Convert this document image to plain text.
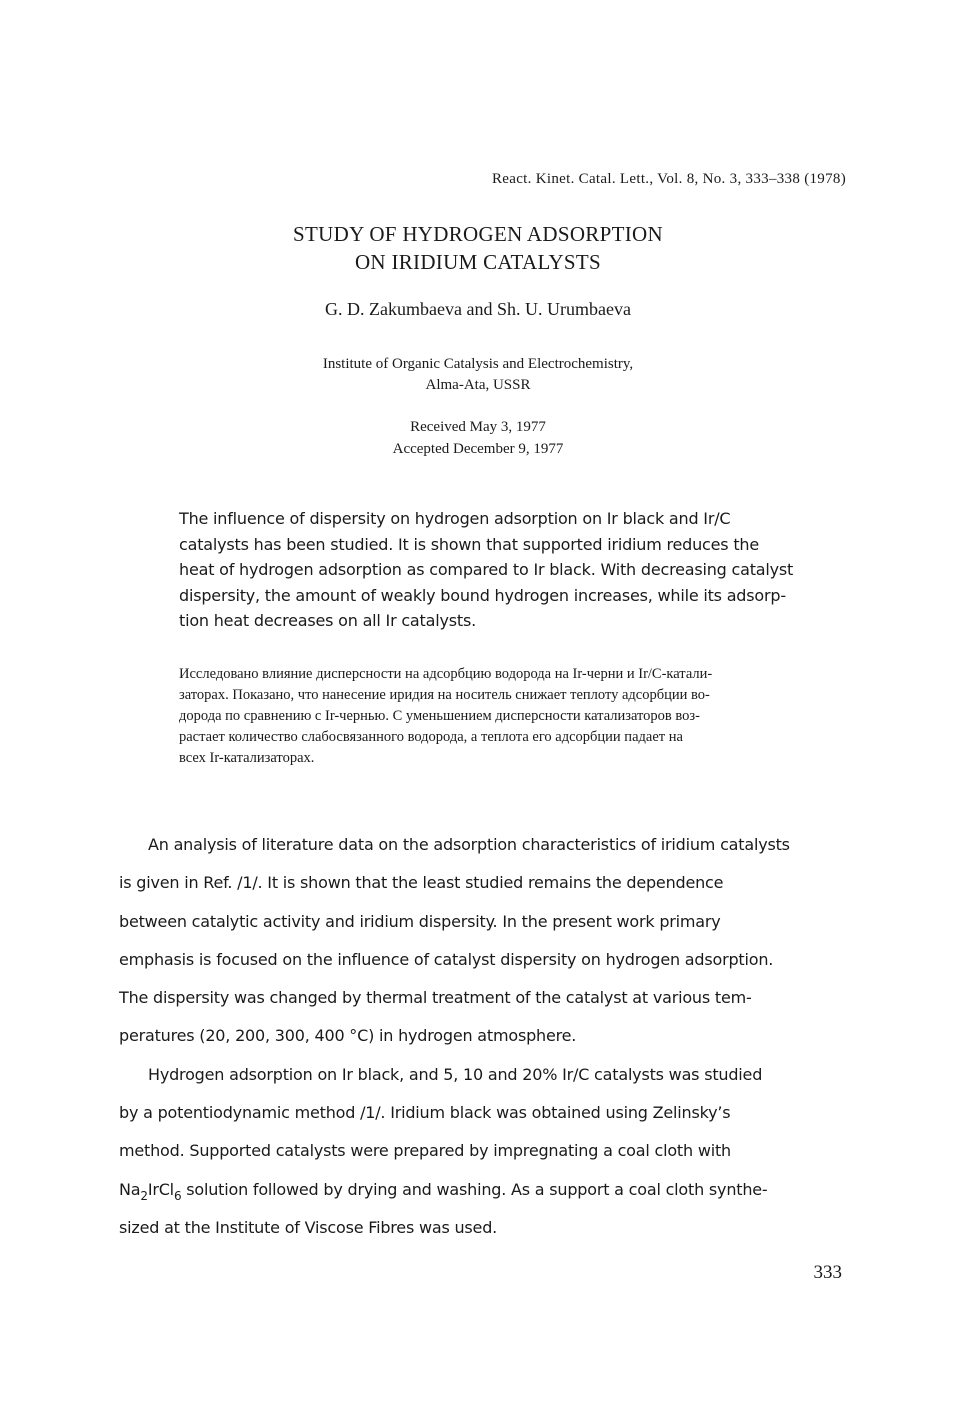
React. Kinet. Catal. Lett., Vol. 8, No. 3, 333–338 (1978)
STUDY OF HYDROGEN ADSORPTION
ON IRIDIUM CATALYSTS
G. D. Zakumbaeva and Sh. U. Urumbaeva
Institute of Organic Catalysis and Electrochemistry,
Alma-Ata, USSR
Received May 3, 1977
Accepted December 9, 1977
The influence of dispersity on hydrogen adsorption on Ir black and Ir/C
catalysts has been studied. It is shown that supported iridium reduces the
heat of hydrogen adsorption as compared to Ir black. With decreasing catalyst
dispersity, the amount of weakly bound hydrogen increases, while its adsorp-
tion heat decreases on all Ir catalysts.
Исследовано влияние дисперсности на адсорбцию водорода на Ir-черни и Ir/C-катали-
заторах. Показано, что нанесение иридия на носитель снижает теплоту адсорбции во-
дорода по сравнению с Ir-чернью. С уменьшением дисперсности катализаторов воз-
растает количество слабосвязанного водорода, а теплота его адсорбции падает на
всех Ir-катализаторах.
An analysis of literature data on the adsorption characteristics of iridium catalysts
is given in Ref. /1/. It is shown that the least studied remains the dependence
between catalytic activity and iridium dispersity. In the present work primary
emphasis is focused on the influence of catalyst dispersity on hydrogen adsorption.
The dispersity was changed by thermal treatment of the catalyst at various tem-
peratures (20, 200, 300, 400 °C) in hydrogen atmosphere.
Hydrogen adsorption on Ir black, and 5, 10 and 20% Ir/C catalysts was studied
by a potentiodynamic method /1/. Iridium black was obtained using Zelinsky’s
method. Supported catalysts were prepared by impregnating a coal cloth with
$Na_2IrCl_6$ solution followed by drying and washing. As a support a coal cloth synthe-
sized at the Institute of Viscose Fibres was used.
333
